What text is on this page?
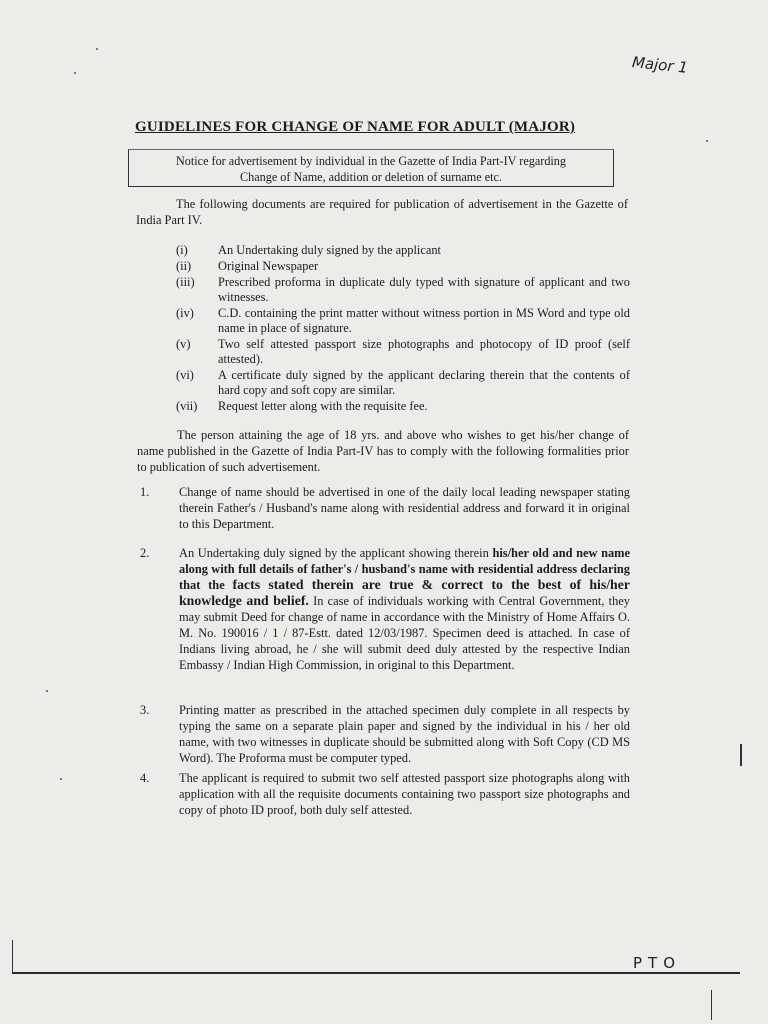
Major 1
GUIDELINES FOR CHANGE OF NAME FOR ADULT (MAJOR)
Notice for advertisement by individual in the Gazette of India Part-IV regarding
Change of Name, addition or deletion of surname etc.
The following documents are required for publication of advertisement in the Gazette of India Part IV.
(i)	An Undertaking duly signed by the applicant
(ii)	Original Newspaper
(iii)	Prescribed proforma in duplicate duly typed with signature of applicant and two witnesses.
(iv)	C.D. containing the print matter without witness portion in MS Word and type old name in place of signature.
(v)	Two self attested passport size photographs and photocopy of ID proof (self attested).
(vi)	A certificate duly signed by the applicant declaring therein that the contents of hard copy and soft copy are similar.
(vii)	Request letter along with the requisite fee.
The person attaining the age of 18 yrs. and above who wishes to get his/her change of name published in the Gazette of India Part-IV has to comply with the following formalities prior to publication of such advertisement.
1.	Change of name should be advertised in one of the daily local leading newspaper stating therein Father's / Husband's name along with residential address and forward it in original to this Department.
2.	An Undertaking duly signed by the applicant showing therein his/her old and new name along with full details of father's / husband's name with residential address declaring that the facts stated therein are true & correct to the best of his/her knowledge and belief. In case of individuals working with Central Government, they may submit Deed for change of name in accordance with the Ministry of Home Affairs O. M. No. 190016 / 1 / 87-Estt. dated 12/03/1987. Specimen deed is attached. In case of Indians living abroad, he / she will submit deed duly attested by the respective Indian Embassy / Indian High Commission, in original to this Department.
3.	Printing matter as prescribed in the attached specimen duly complete in all respects by typing the same on a separate plain paper and signed by the individual in his / her old name, with two witnesses in duplicate should be submitted along with Soft Copy (CD MS Word). The Proforma must be computer typed.
4.	The applicant is required to submit two self attested passport size photographs along with application with all the requisite documents containing two passport size photographs and copy of photo ID proof, both duly self attested.
PTO
